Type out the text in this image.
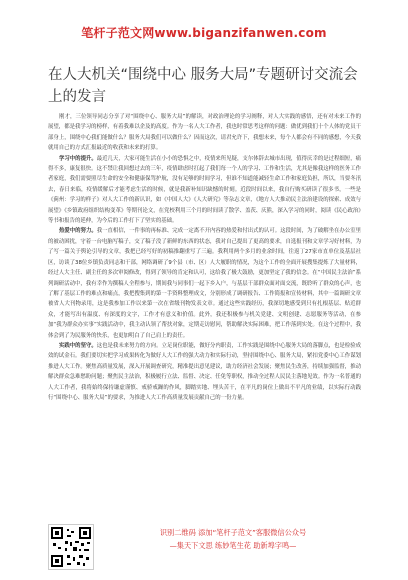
笔杆子范文网www.biganzifanwen.com
在人大机关“围绕中心 服务大局”专题研讨交流会上的发言

刚才，三位领导同志分享了对“围绕中心、服务大局”的解读，对政治理论的学习阐释，对人大实践的感悟，还有对未来工作的展望，都是我学习的榜样，有着我难以企及的高度。作为一名人大工作者，我也时常思考这样的问题：做优到我们十个人体的党员干部身上，围绕中心我们能做什么？服务大局我们可以做什么？因而这次，请君允许下，我想未来，每个人都会有不同的感想，今天我就用自己的方式汇报最近的收获和未来的打算。

学习中的提升。最近几天，大家可能生活在小小的恐惧之中，疫情来所见疑，支尔体辞去城市出现，值得庆幸的是过程细短，痛得不多，康复很快。这不禁让我回想过去的三年，疫情肆虐时扛起了我们每一个人的学习、工作和生活，尤其是像我这样的医务工作者家庭，我们需要照尽生命的安全和健康保驾护航，没有足够的时间学习，但谁不知道能减轻生命工作和家庭负担，所以，当要冬汛去，春日来临，疫情缓解后才能考虑生活的时候，就是我新补知识缺憾的时刻。近段时间以来，我自行购买研读了很多书，一些是《蓟州：学习的样子》对人大工作的新认识，如《中国人大》《人大研究》等杂志文章，《地方人大推动民主法治建设的探索、成效与展望》《乡镇政府组织结构变革》等期刊论文，在党校利用三个月的时间读了散学、盖茨、庆熊，深入学习的同时，阅读《民心政治》等书和报告的延伸，为今后的工作打下了坚实的基础。

热爱中的努力。我一直相信，一件事的再标准、完成一定离不开内容的热爱和付出式的认可。这段时间，为了破解坐在办公室里的被动困扰，守着一台电脑写稿子，交了稿子没了新鲜的东西的状态，我对自己提出了更高的要求，自选报刊和文章学习好材料，为了写一篇关于舆论引导的文章，我把已经写好的初稿推翻重写了三遍。我利用两个多月的业余时间，往返丁27家市直单位及基层社区，访谈了38位乡镇负责同志和干部，网络调研了9个县（市、区）人大履职的情况，为这个工作的全面开展搜集提炼了大量材料，经过人大主任、副主任的多次审阅修改，得到了领导的肯定和认可，这给我了极大鼓励，更加坚定了我的信念。在“中国民主法治”系列调研活动中，我有幸作为撰稿人全程参与，期间我与同事们一起下乡入户，与基层干部群众面对面交流，既聆听了群众的心声，也了解了基层工作的难点和痛点，我把搜集到的第一手资料整理成文，分别形成了调研报告、工作简报和宣传材料，其中一篇调研文章被省人大刊物录用，这是我参加工作以来第一次在省级刊物发表文章。通过这些实践经历，我深切地感受到只有扎根基层、贴近群众，才能写出有温度、有深度的文字，工作才有意义和价值。此外，我还积极参与机关党建、文明创建、志愿服务等活动，在参加“我为群众办实事”实践活动中，我主动认领了帮扶对象，定期走访慰问，帮助解决实际困难，把工作落到实处。在这个过程中，我体会到了为民服务的快乐，也更加明白了自己肩上的责任。

实践中的坚守。这也是我未来努力的方向。立足岗位职能，做好分内职责，工作实践是围绕中心服务大局的落脚点，也是检验成效的试金石。我们要切实把学习成果转化为做好人大工作的强大动力和实际行动，坚持围绕中心、服务大局，紧扣党委中心工作谋划推进人大工作。聚焦高质量发展，深入开展调查研究，精准提出意见建议，助力经济社会发展；聚焦民生改善，持续加强监督，推动解决群众急难愁盼问题；聚焦民主法治，积极履行立法、监督、决定、任免等职权，推动全过程人民民主落地见效。作为一名普通的人大工作者，我将始终保持谦虚谨慎、戒骄戒躁的作风，脚踏实地、埋头苦干，在平凡的岗位上做出不平凡的业绩，以实际行动践行“围绕中心、服务大局”的要求，为推进人大工作高质量发展贡献自己的一份力量。

识别二维码 添加“笔杆子范文”客服微信公众号
—集天下文思 练妙笔生花 助新埠字鸣—
